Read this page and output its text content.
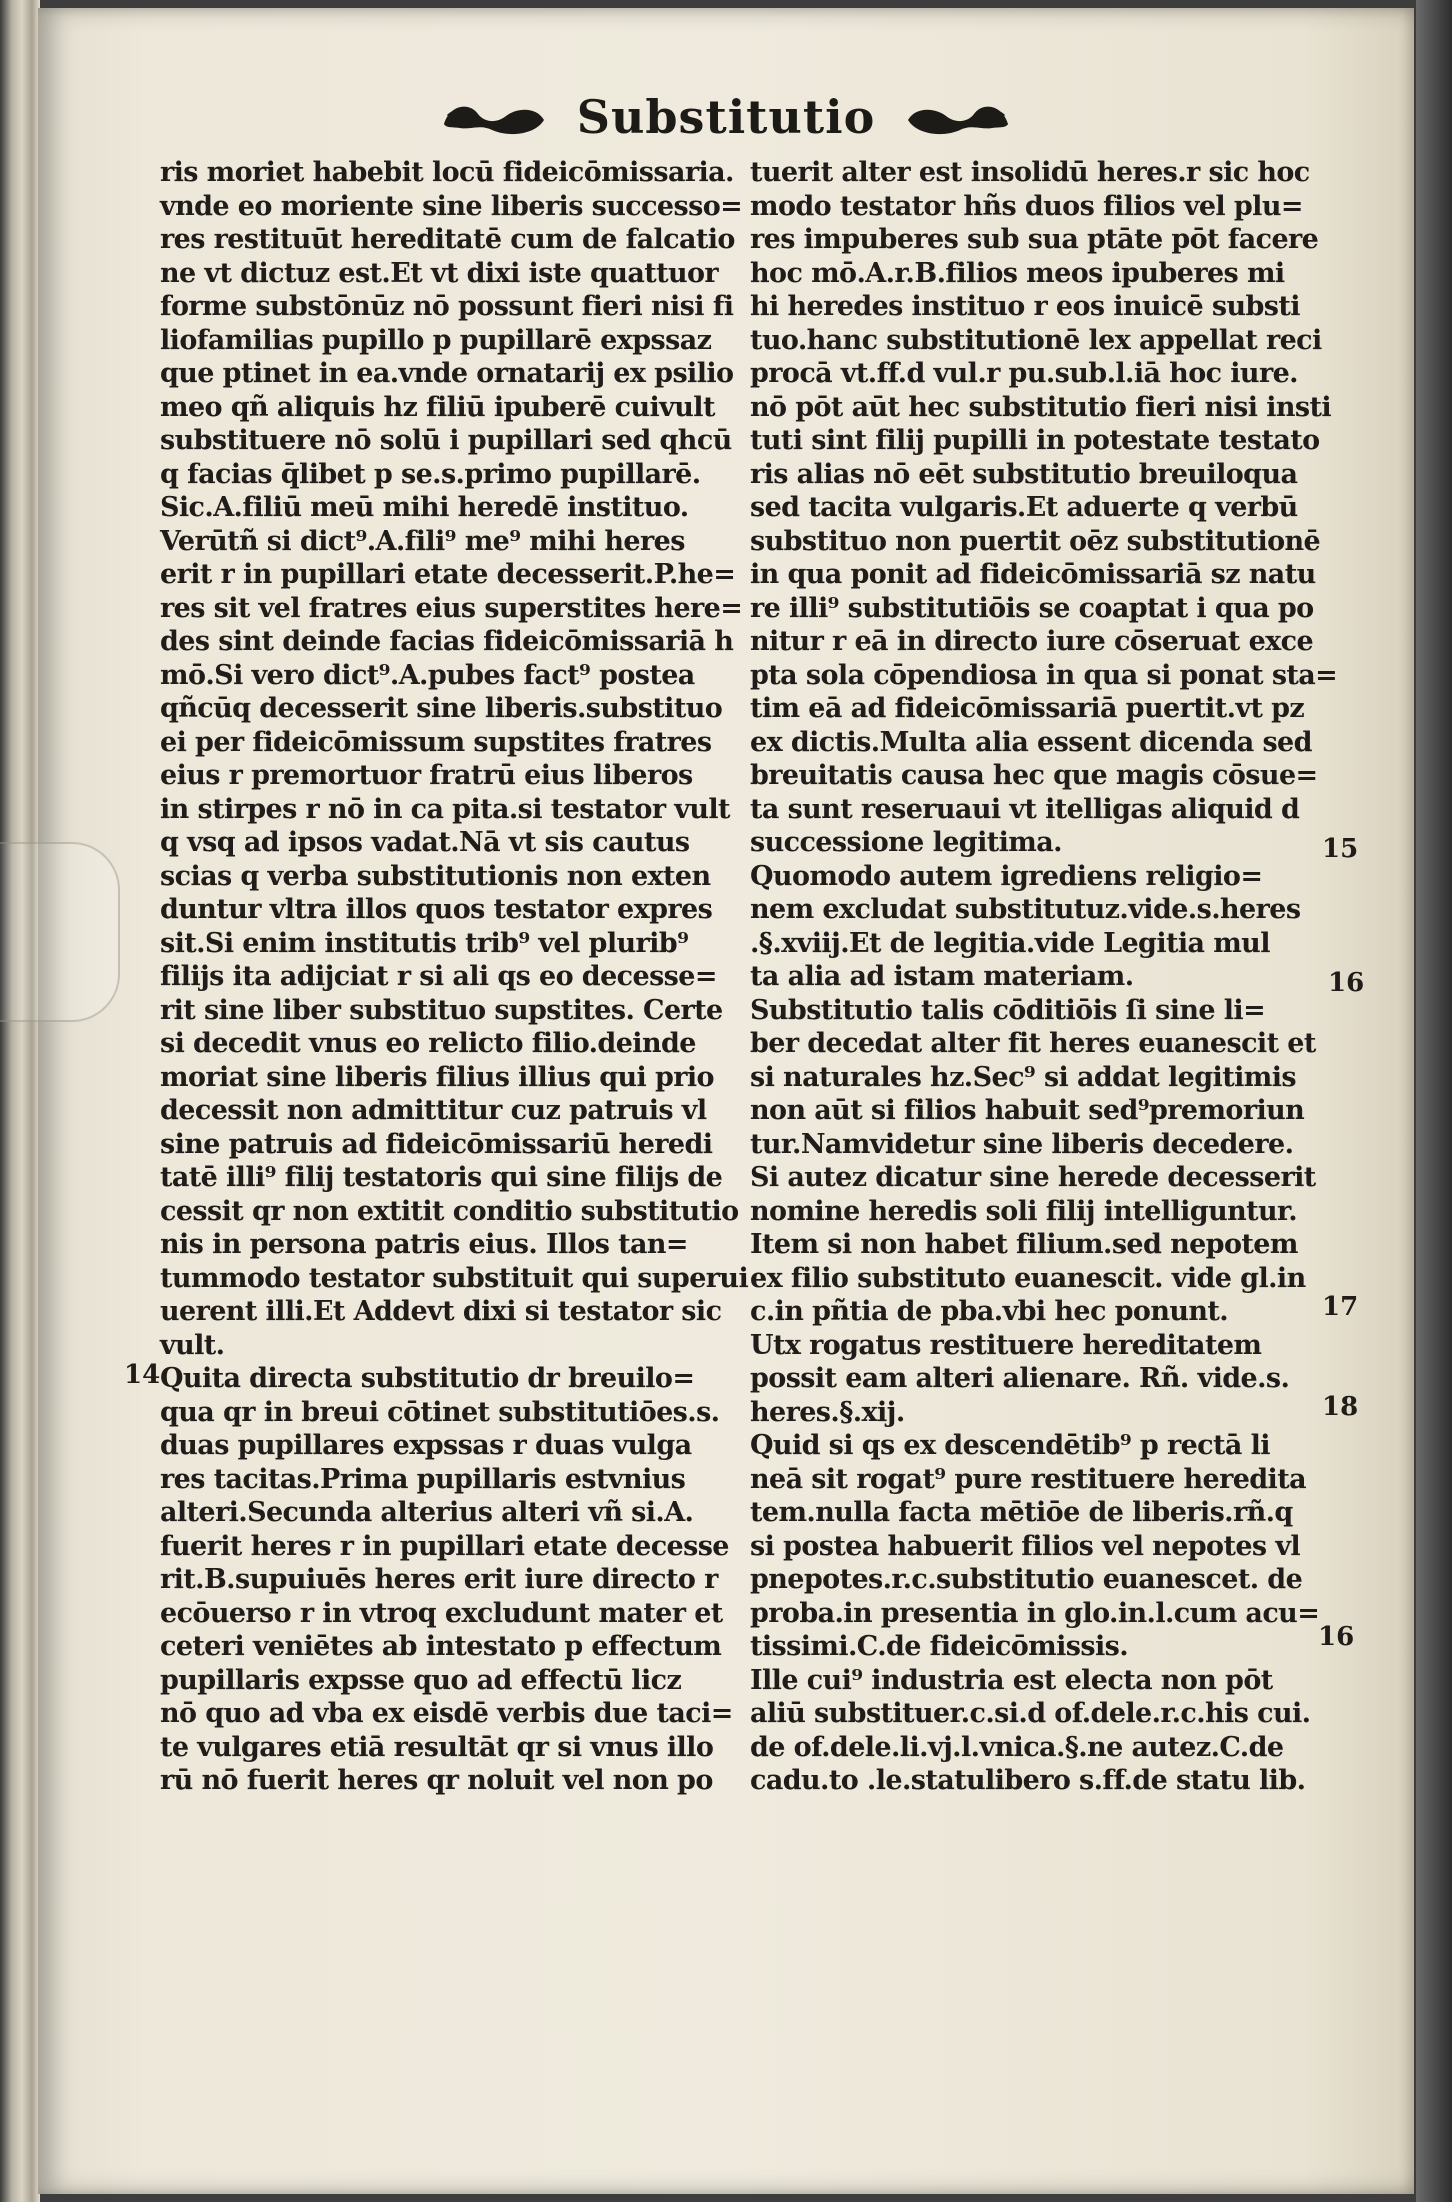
Substitutio
ris moriet habebit locū fideicōmissaria.
vnde eo moriente sine liberis successo=
res restituūt hereditatē cum de falcatio
ne vt dictuz est.Et vt dixi iste quattuor
forme substōnūz nō possunt fieri nisi fi
liofamilias pupillo p pupillarē expssaz
que ptinet in ea.vnde ornatarij ex psilio
meo qñ aliquis hz filiū ipuberē cuivult
substituere nō solū i pupillari sed qhcū
q facias q̄libet p se.s.primo pupillarē.
Sic.A.filiū meū mihi heredē instituo.
Verūtñ si dict⁹.A.fili⁹ me⁹ mihi heres
erit r in pupillari etate decesserit.P.he=
res sit vel fratres eius superstites here=
des sint deinde facias fideicōmissariā h
mō.Si vero dict⁹.A.pubes fact⁹ postea
qñcūq decesserit sine liberis.substituo
ei per fideicōmissum supstites fratres
eius r premortuor fratrū eius liberos
in stirpes r nō in ca pita.si testator vult
q vsq ad ipsos vadat.Nā vt sis cautus
scias q verba substitutionis non exten
duntur vltra illos quos testator expres
sit.Si enim institutis trib⁹ vel plurib⁹
filijs ita adijciat r si ali qs eo decesse=
rit sine liber substituo supstites. Certe
si decedit vnus eo relicto filio.deinde
moriat sine liberis filius illius qui prio
decessit non admittitur cuz patruis vl
sine patruis ad fideicōmissariū heredi
tatē illi⁹ filij testatoris qui sine filijs de
cessit qr non extitit conditio substitutio
nis in persona patris eius. Illos tan=
tummodo testator substituit qui superui
uerent illi.Et Addevt dixi si testator sic
vult.
Quita directa substitutio dr breuilo=
qua qr in breui cōtinet substitutiōes.s.
duas pupillares expssas r duas vulga
res tacitas.Prima pupillaris estvnius
alteri.Secunda alterius alteri vñ si.A.
fuerit heres r in pupillari etate decesse
rit.B.supuiuēs heres erit iure directo r
ecōuerso r in vtroq excludunt mater et
ceteri veniētes ab intestato p effectum
pupillaris expsse quo ad effectū licz
nō quo ad vba ex eisdē verbis due taci=
te vulgares etiā resultāt qr si vnus illo
rū nō fuerit heres qr noluit vel non po
tuerit alter est insolidū heres.r sic hoc
modo testator hñs duos filios vel plu=
res impuberes sub sua ptāte pōt facere
hoc mō.A.r.B.filios meos ipuberes mi
hi heredes instituo r eos inuicē substi
tuo.hanc substitutionē lex appellat reci
procā vt.ff.d vul.r pu.sub.l.iā hoc iure.
nō pōt aūt hec substitutio fieri nisi insti
tuti sint filij pupilli in potestate testato
ris alias nō eēt substitutio breuiloqua
sed tacita vulgaris.Et aduerte q verbū
substituo non puertit oēz substitutionē
in qua ponit ad fideicōmissariā sz natu
re illi⁹ substitutiōis se coaptat i qua po
nitur r eā in directo iure cōseruat exce
pta sola cōpendiosa in qua si ponat sta=
tim eā ad fideicōmissariā puertit.vt pz
ex dictis.Multa alia essent dicenda sed
breuitatis causa hec que magis cōsue=
ta sunt reseruaui vt itelligas aliquid d
successione legitima.
Quomodo autem igrediens religio=
nem excludat substitutuz.vide.s.heres
.§.xviij.Et de legitia.vide Legitia mul
ta alia ad istam materiam.
Substitutio talis cōditiōis ſi sine li=
ber decedat alter fit heres euanescit et
si naturales hz.Sec⁹ si addat legitimis
non aūt si filios habuit sed⁹premoriun
tur.Namvidetur sine liberis decedere.
Si autez dicatur sine herede decesserit
nomine heredis soli filij intelliguntur.
Item si non habet filium.sed nepotem
ex filio substituto euanescit. vide gl.in
c.in pñtia de pba.vbi hec ponunt.
Utx rogatus restituere hereditatem
possit eam alteri alienare. Rñ. vide.s.
heres.§.xij.
Quid si qs ex descendētib⁹ p rectā li
neā sit rogat⁹ pure restituere heredita
tem.nulla facta mētiōe de liberis.rñ.q
si postea habuerit filios vel nepotes vl
pnepotes.r.c.substitutio euanescet. de
proba.in presentia in glo.in.l.cum acu=
tissimi.C.de fideicōmissis.
Ille cui⁹ industria est electa non pōt
aliū substituer.c.si.d of.dele.r.c.his cui.
de of.dele.li.vj.l.vnica.§.ne autez.C.de
cadu.to .le.statulibero s.ff.de statu lib.
14
15
16
17
18
16
